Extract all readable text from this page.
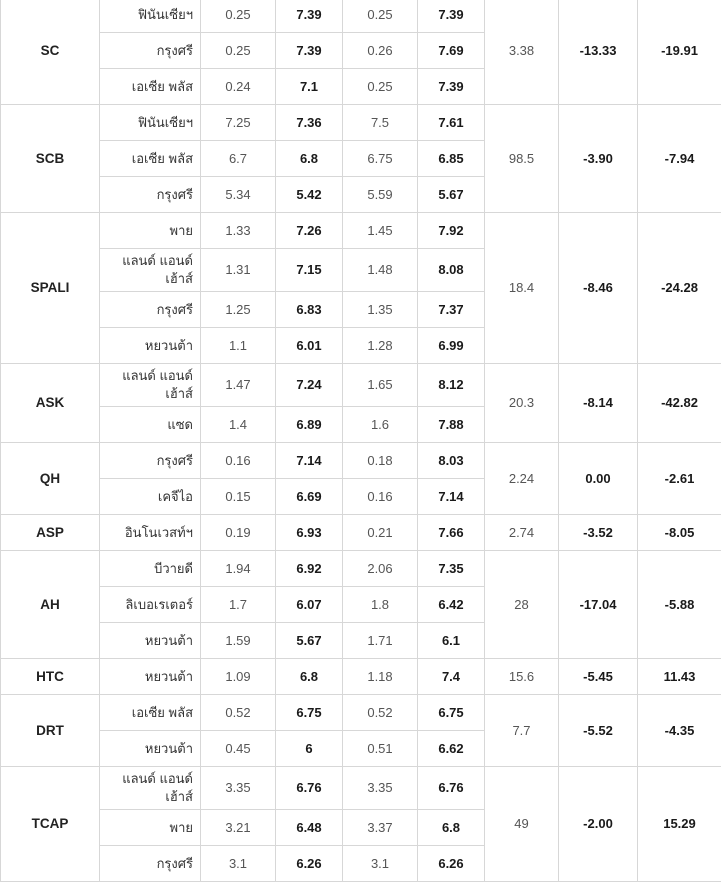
SC	ฟินันเซียฯ	0.25	7.39	0.25	7.39	3.38	-13.33	-19.91
	กรุงศรี	0.25	7.39	0.26	7.69			
	เอเซีย พลัส	0.24	7.1	0.25	7.39			
SCB	ฟินันเซียฯ	7.25	7.36	7.5	7.61	98.5	-3.90	-7.94
	เอเซีย พลัส	6.7	6.8	6.75	6.85			
	กรุงศรี	5.34	5.42	5.59	5.67			
SPALI	พาย	1.33	7.26	1.45	7.92	18.4	-8.46	-24.28
	แลนด์ แอนด์ เฮ้าส์	1.31	7.15	1.48	8.08			
	กรุงศรี	1.25	6.83	1.35	7.37			
	หยวนต้า	1.1	6.01	1.28	6.99			
ASK	แลนด์ แอนด์ เฮ้าส์	1.47	7.24	1.65	8.12	20.3	-8.14	-42.82
	แซด	1.4	6.89	1.6	7.88			
QH	กรุงศรี	0.16	7.14	0.18	8.03	2.24	0.00	-2.61
	เคจีไอ	0.15	6.69	0.16	7.14			
ASP	อินโนเวสท์ฯ	0.19	6.93	0.21	7.66	2.74	-3.52	-8.05
AH	บีวายดี	1.94	6.92	2.06	7.35	28	-17.04	-5.88
	ลิเบอเรเตอร์	1.7	6.07	1.8	6.42			
	หยวนต้า	1.59	5.67	1.71	6.1			
HTC	หยวนต้า	1.09	6.8	1.18	7.4	15.6	-5.45	11.43
DRT	เอเซีย พลัส	0.52	6.75	0.52	6.75	7.7	-5.52	-4.35
	หยวนต้า	0.45	6	0.51	6.62			
TCAP	แลนด์ แอนด์ เฮ้าส์	3.35	6.76	3.35	6.76	49	-2.00	15.29
	พาย	3.21	6.48	3.37	6.8			
	กรุงศรี	3.1	6.26	3.1	6.26			
